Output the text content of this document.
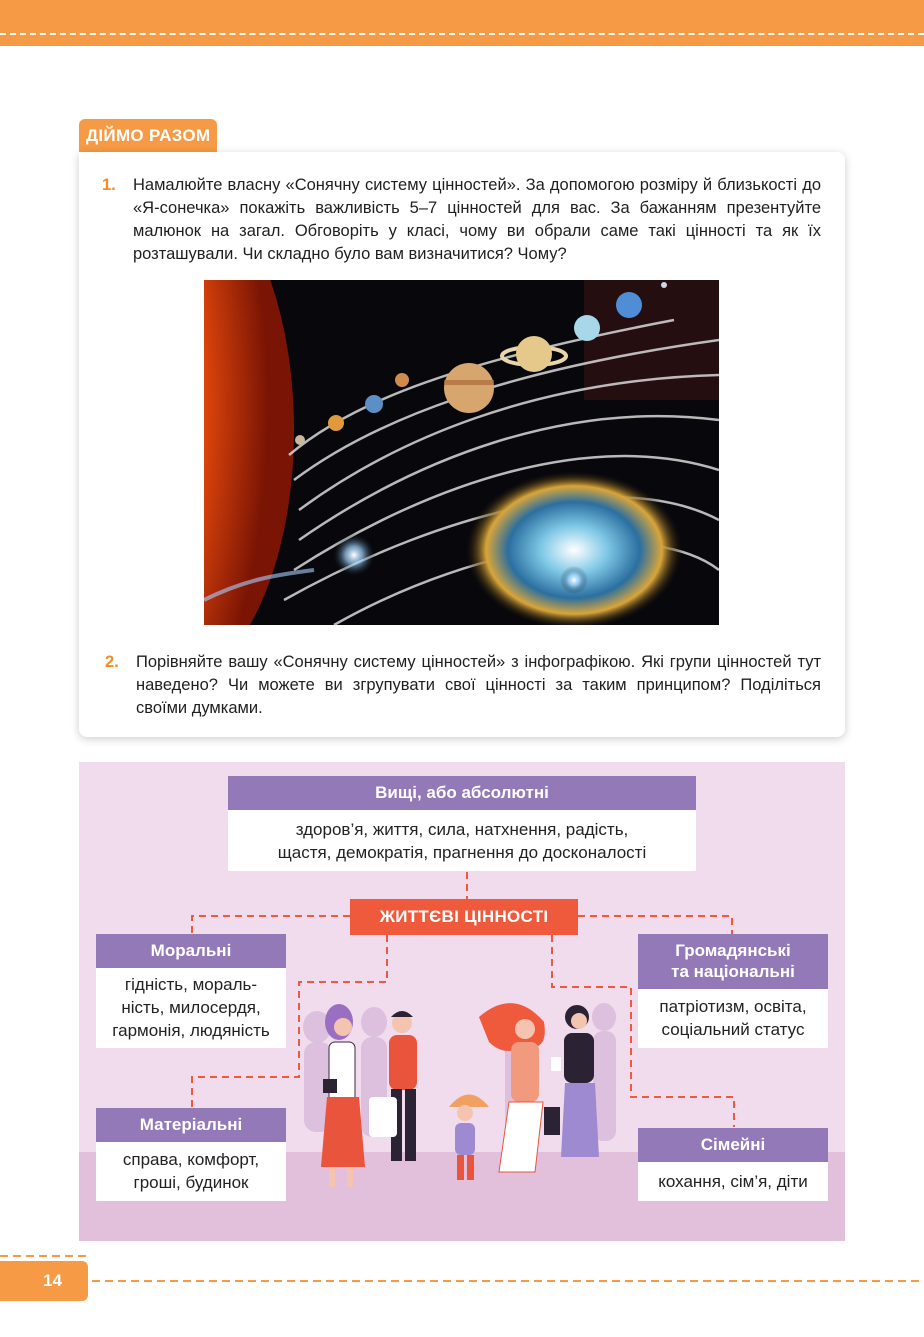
ДІЙМО РАЗОМ
1. Намалюйте власну «Сонячну систему цінностей». За допомогою розміру й близькості до «Я-сонечка» покажіть важливість 5–7 цінностей для вас. За бажанням презентуйте малюнок на загал. Обговоріть у класі, чому ви обрали саме такі цінності та як їх розташували. Чи складно було вам визначитися? Чому?
2. Порівняйте вашу «Сонячну систему цінностей» з інфографікою. Які групи цінностей тут наведено? Чи можете ви згрупувати свої цінності за таким принципом? Поділіться своїми думками.
Вищі, або абсолютні
здоров’я, життя, сила, натхнення, радість,
щастя, демократія, прагнення до досконалості
ЖИТТЄВІ ЦІННОСТІ
Моральні
гідність, мораль-
ність, милосердя,
гармонія, людяність
Громадянські
та національні
патріотизм, освіта,
соціальний статус
Матеріальні
справа, комфорт,
гроші, будинок
Сімейні
кохання, сім’я, діти
14
